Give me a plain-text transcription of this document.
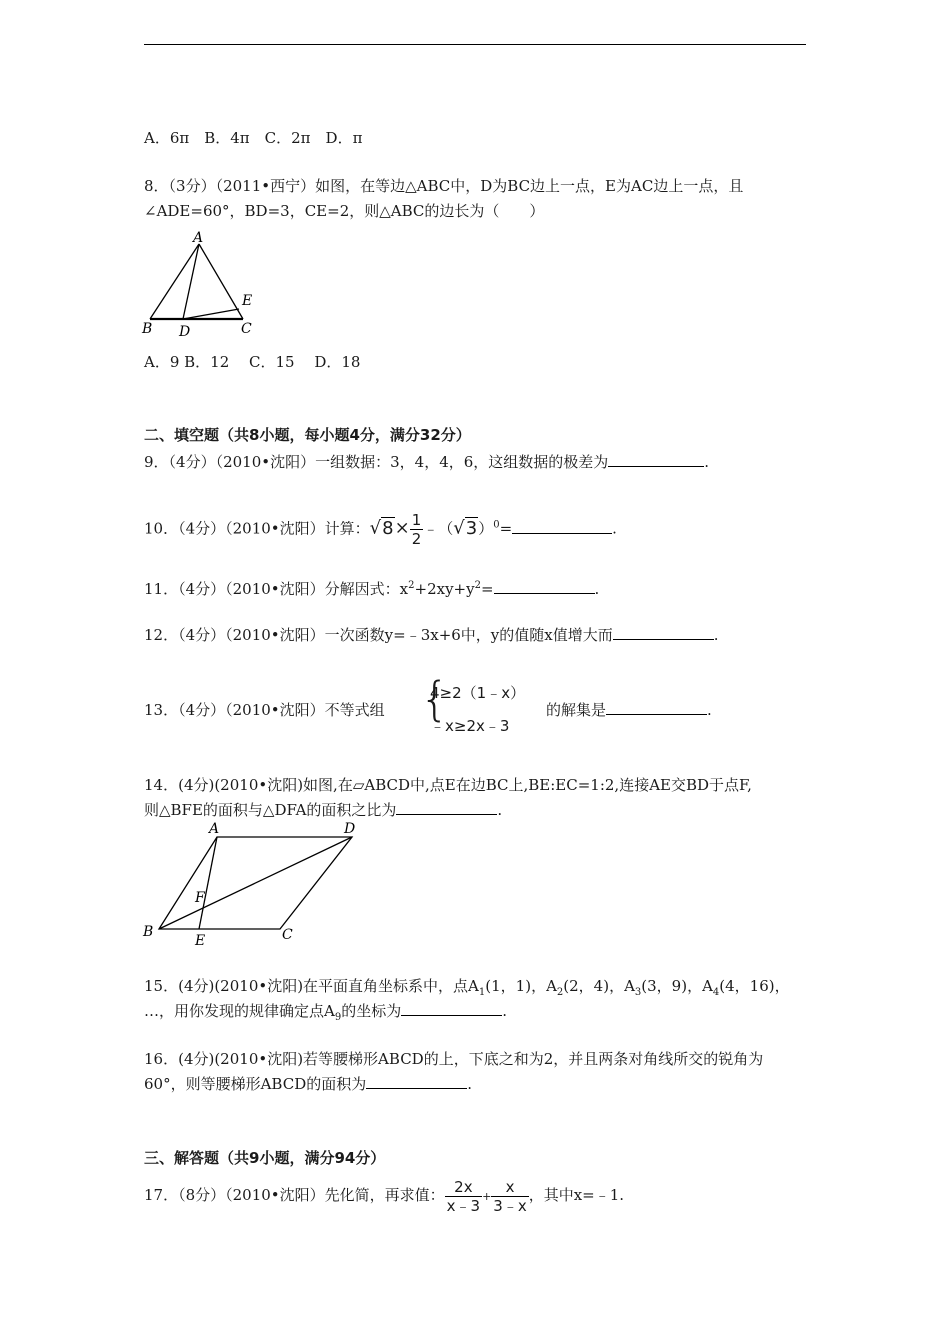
A．6π　B．4π　C．2π　D．π
8．（3分）（2011•西宁）如图，在等边△ABC中，D为BC边上一点，E为AC边上一点，且
∠ADE=60°，BD=3，CE=2，则△ABC的边长为（　　）
A
B	C
D
E
A．9 B．12　 C．15　 D．18
二、填空题（共8小题，每小题4分，满分32分）
9．（4分）（2010•沈阳）一组数据：3，4，4，6，这组数据的极差为	.
10．（4分）（2010•沈阳）计算：$√8\times \frac{1}{2}$ $﹣(√3)^0=$	.
11．（4分）（2010•沈阳）分解因式：$x^2+2xy+y^2=$	.
12．（4分）（2010•沈阳）一次函数y=﹣3x+6中，y的值随x值增大而	.
13．（4分）（2010•沈阳）不等式组 {
4≥2（1﹣x）
﹣x≥2x﹣3
的解集是	.
14．(4分)(2010•沈阳)如图,在▱ABCD中,点E在边BC上,BE:EC=1:2,连接AE交BD于点F,
则△BFE的面积与△DFA的面积之比为	.
A	D
F
B
E	C
15．(4分)(2010•沈阳)在平面直角坐标系中，点$A_1(1$，1)，$A_2(2$，4)，$A_3(3$，9)，$A_4(4$，16)，
…，用你发现的规律确定点$A_9$的坐标为	.
16．(4分)(2010•沈阳)若等腰梯形ABCD的上，下底之和为2，并且两条对角线所交的锐角为
60°，则等腰梯形ABCD的面积为	.
三、解答题（共9小题，满分94分）
17．（8分）（2010•沈阳）先化简，再求值： $\frac{2x}{x﹣3} + \frac{x}{3﹣x}$ ，其中x=﹣1.
